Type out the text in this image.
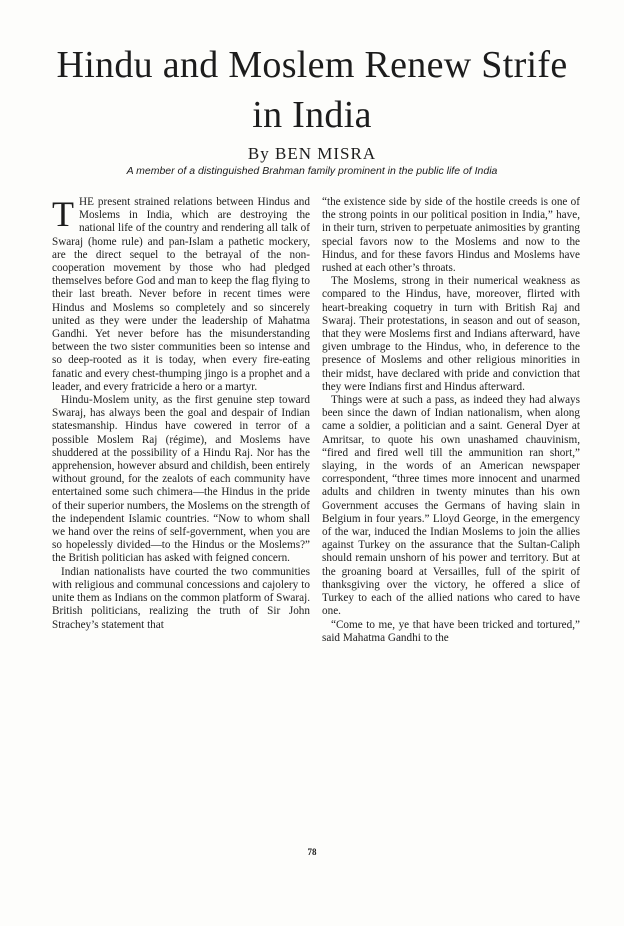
Hindu and Moslem Renew Strife
in India
By BEN MISRA
A member of a distinguished Brahman family prominent in the public life of India

THE present strained relations between Hindus and Moslems in India, which are destroying the national life of the country and rendering all talk of Swaraj (home rule) and pan-Islam a pathetic mockery, are the direct sequel to the betrayal of the non-cooperation movement by those who had pledged themselves before God and man to keep the flag flying to their last breath. Never before in recent times were Hindus and Moslems so completely and so sincerely united as they were under the leadership of Mahatma Gandhi. Yet never before has the misunderstanding between the two sister communities been so intense and so deep-rooted as it is today, when every fire-eating fanatic and every chest-thumping jingo is a prophet and a leader, and every fratricide a hero or a martyr.

Hindu-Moslem unity, as the first genuine step toward Swaraj, has always been the goal and despair of Indian statesmanship. Hindus have cowered in terror of a possible Moslem Raj (régime), and Moslems have shuddered at the possibility of a Hindu Raj. Nor has the apprehension, however absurd and childish, been entirely without ground, for the zealots of each community have entertained some such chimera—the Hindus in the pride of their superior numbers, the Moslems on the strength of the independent Islamic countries. “Now to whom shall we hand over the reins of self-government, when you are so hopelessly divided—to the Hindus or the Moslems?” the British politician has asked with feigned concern.

Indian nationalists have courted the two communities with religious and communal concessions and cajolery to unite them as Indians on the common platform of Swaraj. British politicians, realizing the truth of Sir John Strachey’s statement that

“the existence side by side of the hostile creeds is one of the strong points in our political position in India,” have, in their turn, striven to perpetuate animosities by granting special favors now to the Moslems and now to the Hindus, and for these favors Hindus and Moslems have rushed at each other’s throats.

The Moslems, strong in their numerical weakness as compared to the Hindus, have, moreover, flirted with heart-breaking coquetry in turn with British Raj and Swaraj. Their protestations, in season and out of season, that they were Moslems first and Indians afterward, have given umbrage to the Hindus, who, in deference to the presence of Moslems and other religious minorities in their midst, have declared with pride and conviction that they were Indians first and Hindus afterward.

Things were at such a pass, as indeed they had always been since the dawn of Indian nationalism, when along came a soldier, a politician and a saint. General Dyer at Amritsar, to quote his own unashamed chauvinism, “fired and fired well till the ammunition ran short,” slaying, in the words of an American newspaper correspondent, “three times more innocent and unarmed adults and children in twenty minutes than his own Government accuses the Germans of having slain in Belgium in four years.” Lloyd George, in the emergency of the war, induced the Indian Moslems to join the allies against Turkey on the assurance that the Sultan-Caliph should remain unshorn of his power and territory. But at the groaning board at Versailles, full of the spirit of thanksgiving over the victory, he offered a slice of Turkey to each of the allied nations who cared to have one.

“Come to me, ye that have been tricked and tortured,” said Mahatma Gandhi to the

78
